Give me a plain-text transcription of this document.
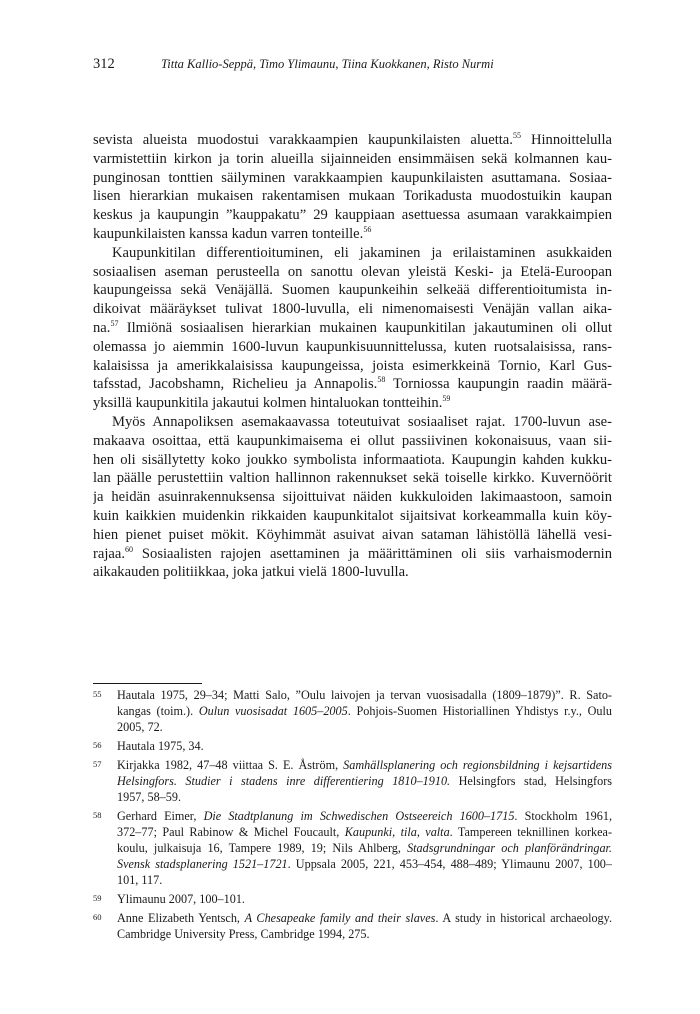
312	Titta Kallio-Seppä, Timo Ylimaunu, Tiina Kuokkanen, Risto Nurmi
sevista alueista muodostui varakkaampien kaupunkilaisten aluetta.$^{55}$ Hinnoittelulla
varmistettiin kirkon ja torin alueilla sijainneiden ensimmäisen sekä kolmannen kau-
punginosan tonttien säilyminen varakkaampien kaupunkilaisten asuttamana. Sosiaa-
lisen hierarkian mukaisen rakentamisen mukaan Torikadusta muodostuikin kaupan
keskus ja kaupungin ”kauppakatu” 29 kauppiaan asettuessa asumaan varakkaimpien
kaupunkilaisten kanssa kadun varren tonteille.$^{56}$
Kaupunkitilan differentioituminen, eli jakaminen ja erilaistaminen asukkaiden
sosiaalisen aseman perusteella on sanottu olevan yleistä Keski- ja Etelä-Euroopan
kaupungeissa sekä Venäjällä. Suomen kaupunkeihin selkeää differentioitumista in-
dikoivat määräykset tulivat 1800-luvulla, eli nimenomaisesti Venäjän vallan aika-
na.$^{57}$ Ilmiönä sosiaalisen hierarkian mukainen kaupunkitilan jakautuminen oli ollut
olemassa jo aiemmin 1600-luvun kaupunkisuunnittelussa, kuten ruotsalaisissa, rans-
kalaisissa ja amerikkalaisissa kaupungeissa, joista esimerkkeinä Tornio, Karl Gus-
tafsstad, Jacobshamn, Richelieu ja Annapolis.$^{58}$ Torniossa kaupungin raadin määrä-
yksillä kaupunkitila jakautui kolmen hintaluokan tontteihin.$^{59}$
Myös Annapoliksen asemakaavassa toteutuivat sosiaaliset rajat. 1700-luvun ase-
makaava osoittaa, että kaupunkimaisema ei ollut passiivinen kokonaisuus, vaan sii-
hen oli sisällytetty koko joukko symbolista informaatiota. Kaupungin kahden kukku-
lan päälle perustettiin valtion hallinnon rakennukset sekä toiselle kirkko. Kuvernöörit
ja heidän asuinrakennuksensa sijoittuivat näiden kukkuloiden lakimaastoon, samoin
kuin kaikkien muidenkin rikkaiden kaupunkitalot sijaitsivat korkeammalla kuin köy-
hien pienet puiset mökit. Köyhimmät asuivat aivan sataman lähistöllä lähellä vesi-
rajaa.$^{60}$ Sosiaalisten rajojen asettaminen ja määrittäminen oli siis varhaismodernin
aikakauden politiikkaa, joka jatkui vielä 1800-luvulla.
55 Hautala 1975, 29–34; Matti Salo, ”Oulu laivojen ja tervan vuosisadalla (1809–1879)”. R. Sato-
kangas (toim.). Oulun vuosisadat 1605–2005. Pohjois-Suomen Historiallinen Yhdistys r.y., Oulu
2005, 72.
56 Hautala 1975, 34.
57 Kirjakka 1982, 47–48 viittaa S. E. Åström, Samhällsplanering och regionsbildning i kejsartidens
Helsingfors. Studier i stadens inre differentiering 1810–1910. Helsingfors stad, Helsingfors
1957, 58–59.
58 Gerhard Eimer, Die Stadtplanung im Schwedischen Ostseereich 1600–1715. Stockholm 1961,
372–77; Paul Rabinow & Michel Foucault, Kaupunki, tila, valta. Tampereen teknillinen korkea-
koulu, julkaisuja 16, Tampere 1989, 19; Nils Ahlberg, Stadsgrundningar och planförändringar.
Svensk stadsplanering 1521–1721. Uppsala 2005, 221, 453–454, 488–489; Ylimaunu 2007, 100–
101, 117.
59 Ylimaunu 2007, 100–101.
60 Anne Elizabeth Yentsch, A Chesapeake family and their slaves. A study in historical archaeology.
Cambridge University Press, Cambridge 1994, 275.
